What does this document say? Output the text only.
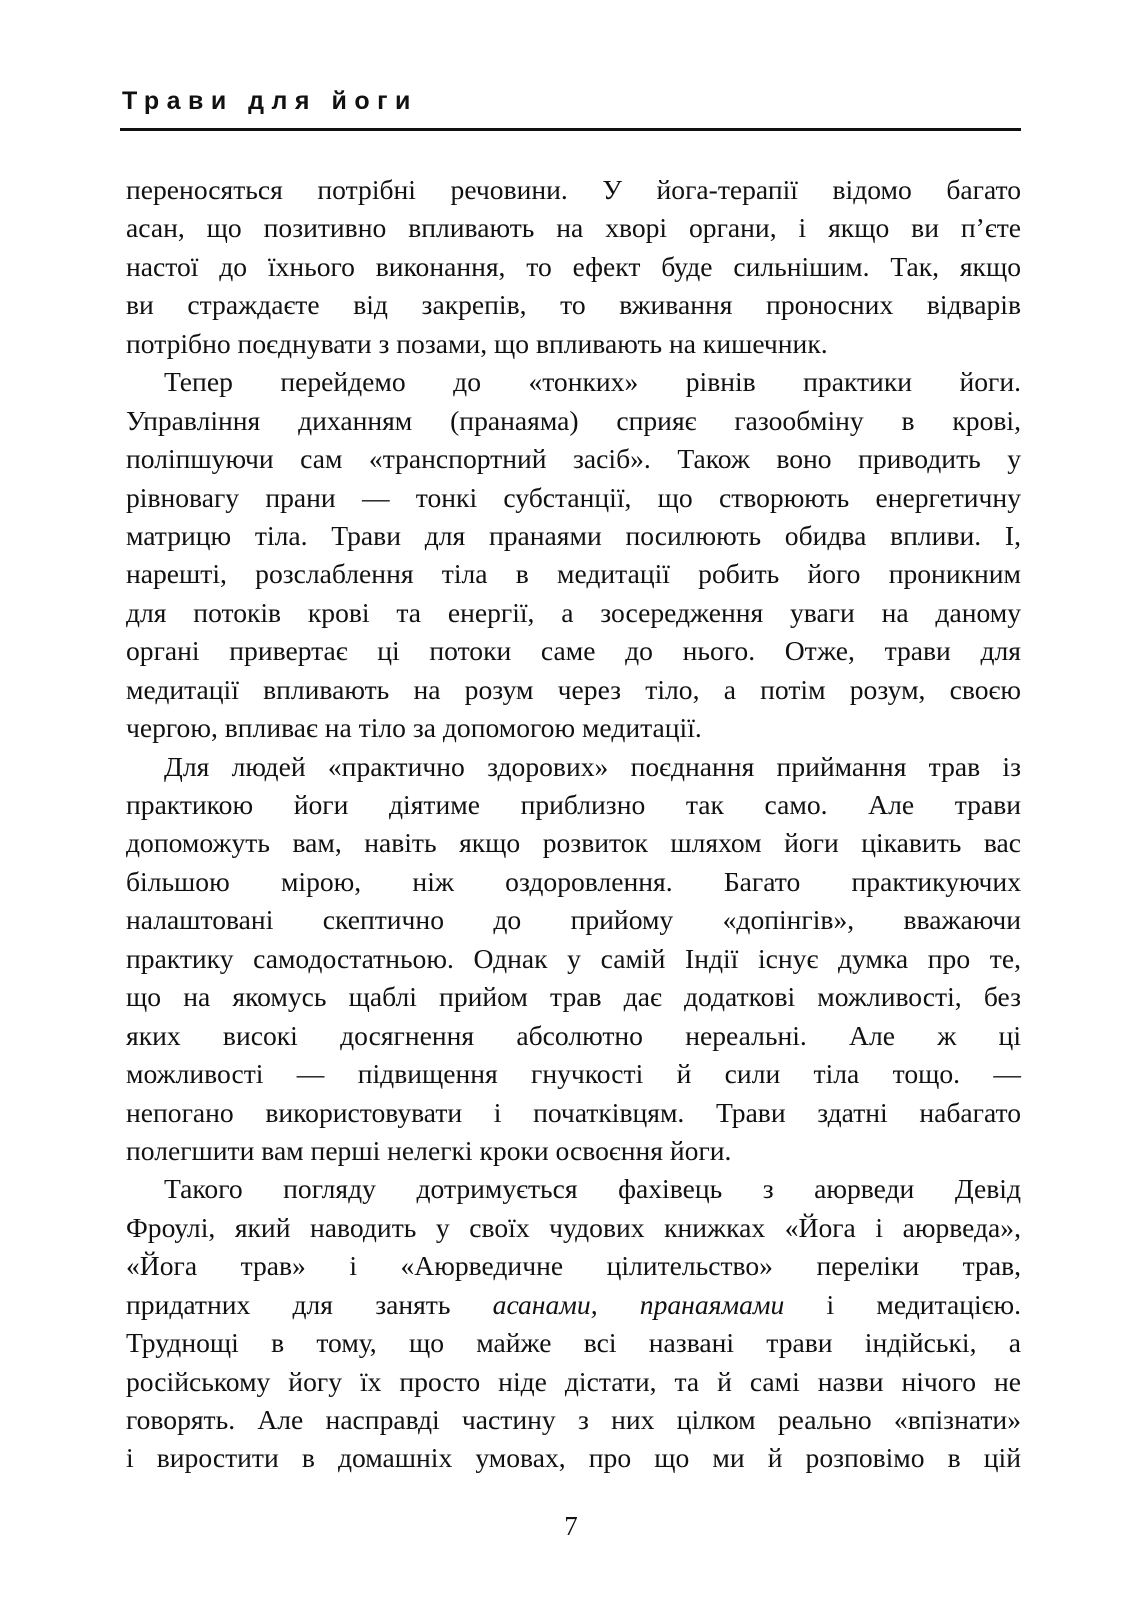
Трави для йоги
переносяться потрібні речовини. У йога-терапії відомо багато
асан, що позитивно впливають на хворі органи, і якщо ви п’єте
настої до їхнього виконання, то ефект буде сильнішим. Так, якщо
ви страждаєте від закрепів, то вживання проносних відварів
потрібно поєднувати з позами, що впливають на кишечник.
Тепер перейдемо до «тонких» рівнів практики йоги.
Управління диханням (пранаяма) сприяє газообміну в крові,
поліпшуючи сам «транспортний засіб». Також воно приводить у
рівновагу прани — тонкі субстанції, що створюють енергетичну
матрицю тіла. Трави для пранаями посилюють обидва впливи. І,
нарешті, розслаблення тіла в медитації робить його проникним
для потоків крові та енергії, а зосередження уваги на даному
органі привертає ці потоки саме до нього. Отже, трави для
медитації впливають на розум через тіло, а потім розум, своєю
чергою, впливає на тіло за допомогою медитації.
Для людей «практично здорових» поєднання приймання трав із
практикою йоги діятиме приблизно так само. Але трави
допоможуть вам, навіть якщо розвиток шляхом йоги цікавить вас
більшою мірою, ніж оздоровлення. Багато практикуючих
налаштовані скептично до прийому «допінгів», вважаючи
практику самодостатньою. Однак у самій Індії існує думка про те,
що на якомусь щаблі прийом трав дає додаткові можливості, без
яких високі досягнення абсолютно нереальні. Але ж ці
можливості — підвищення гнучкості й сили тіла тощо. —
непогано використовувати і початківцям. Трави здатні набагато
полегшити вам перші нелегкі кроки освоєння йоги.
Такого погляду дотримується фахівець з аюрведи Девід
Фроулі, який наводить у своїх чудових книжках «Йога і аюрведа»,
«Йога трав» і «Аюрведичне цілительство» переліки трав,
придатних для занять асанами, пранаямами і медитацією.
Труднощі в тому, що майже всі названі трави індійські, а
російському йогу їх просто ніде дістати, та й самі назви нічого не
говорять. Але насправді частину з них цілком реально «впізнати»
і виростити в домашніх умовах, про що ми й розповімо в цій
7
